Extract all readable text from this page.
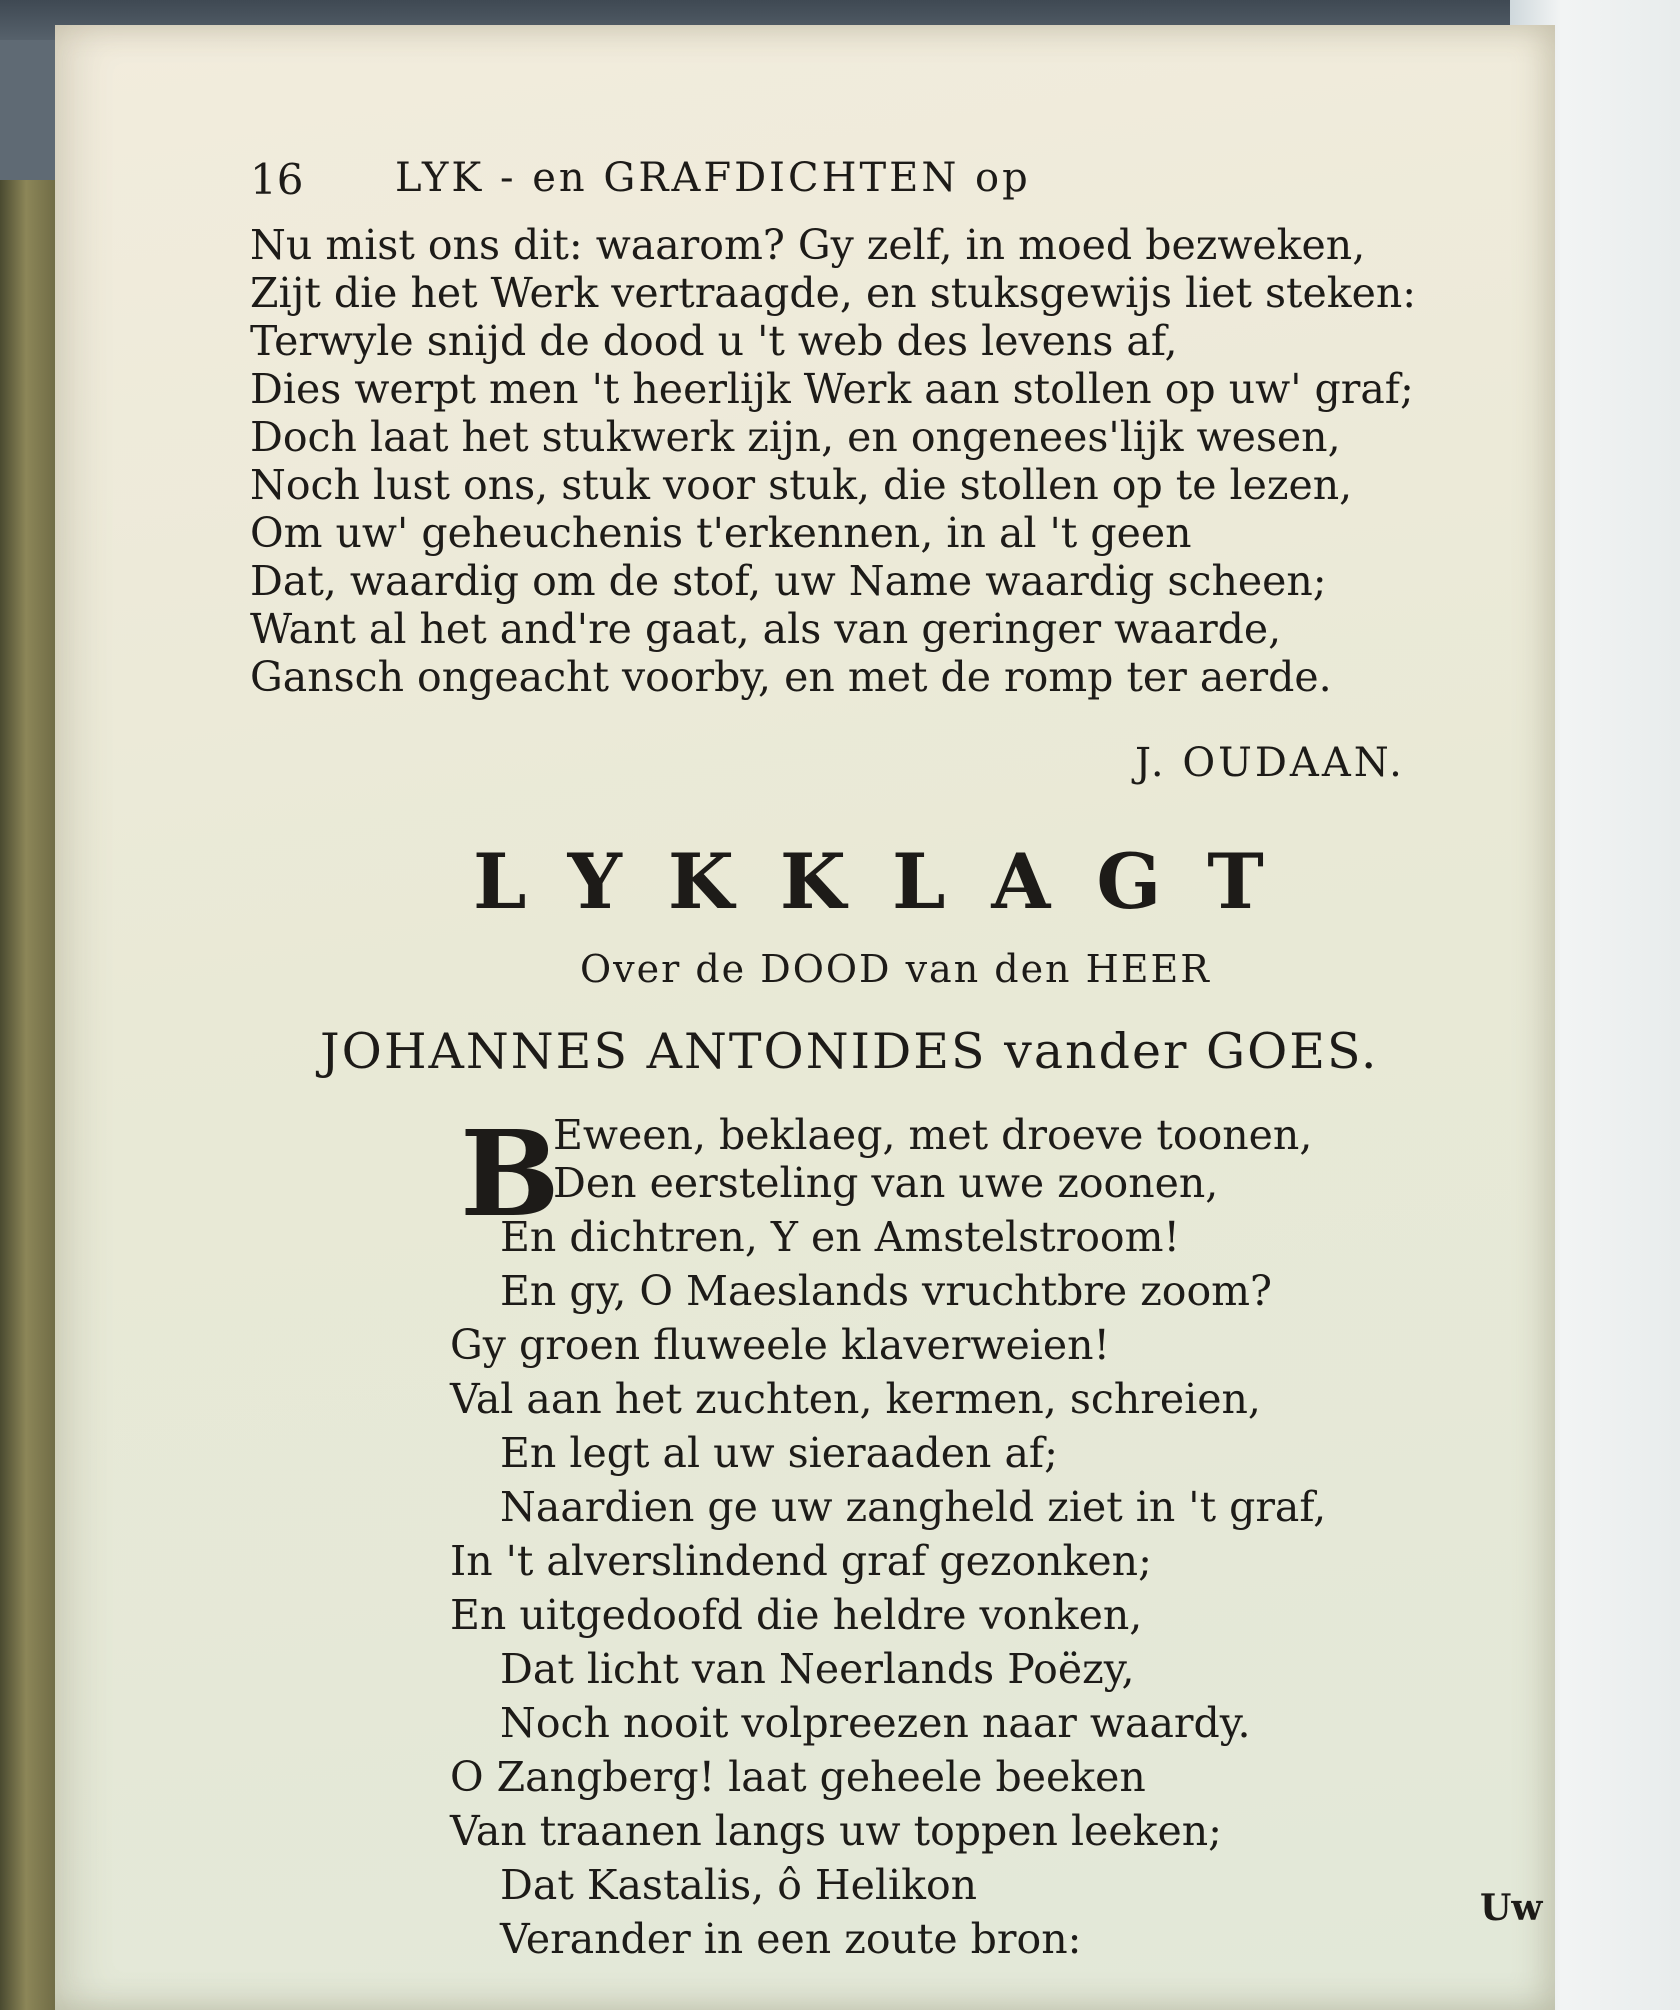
16 LYK - en GRAFDICHTEN op
Nu mist ons dit: waarom? Gy zelf, in moed bezweken,
Zijt die het Werk vertraagde, en stuksgewijs liet steken:
Terwyle snijd de dood u 't web des levens af,
Dies werpt men 't heerlijk Werk aan stollen op uw' graf;
Doch laat het stukwerk zijn, en ongenees'lijk wesen,
Noch lust ons, stuk voor stuk, die stollen op te lezen,
Om uw' geheuchenis t'erkennen, in al 't geen
Dat, waardig om de stof, uw Name waardig scheen;
Want al het and're gaat, als van geringer waarde,
Gansch ongeacht voorby, en met de romp ter aerde.
J. OUDAAN.
LYKKLAGT
Over de DOOD van den HEER
JOHANNES ANTONIDES vander GOES.
B
Eween, beklaeg, met droeve toonen,
Den eersteling van uwe zoonen,
En dichtren, Y en Amstelstroom!
En gy, O Maeslands vruchtbre zoom?
Gy groen fluweele klaverweien!
Val aan het zuchten, kermen, schreien,
En legt al uw sieraaden af;
Naardien ge uw zangheld ziet in 't graf,
In 't alverslindend graf gezonken;
En uitgedoofd die heldre vonken,
Dat licht van Neerlands Poëzy,
Noch nooit volpreezen naar waardy.
O Zangberg! laat geheele beeken
Van traanen langs uw toppen leeken;
Dat Kastalis, ô Helikon
Verander in een zoute bron:
Uw
